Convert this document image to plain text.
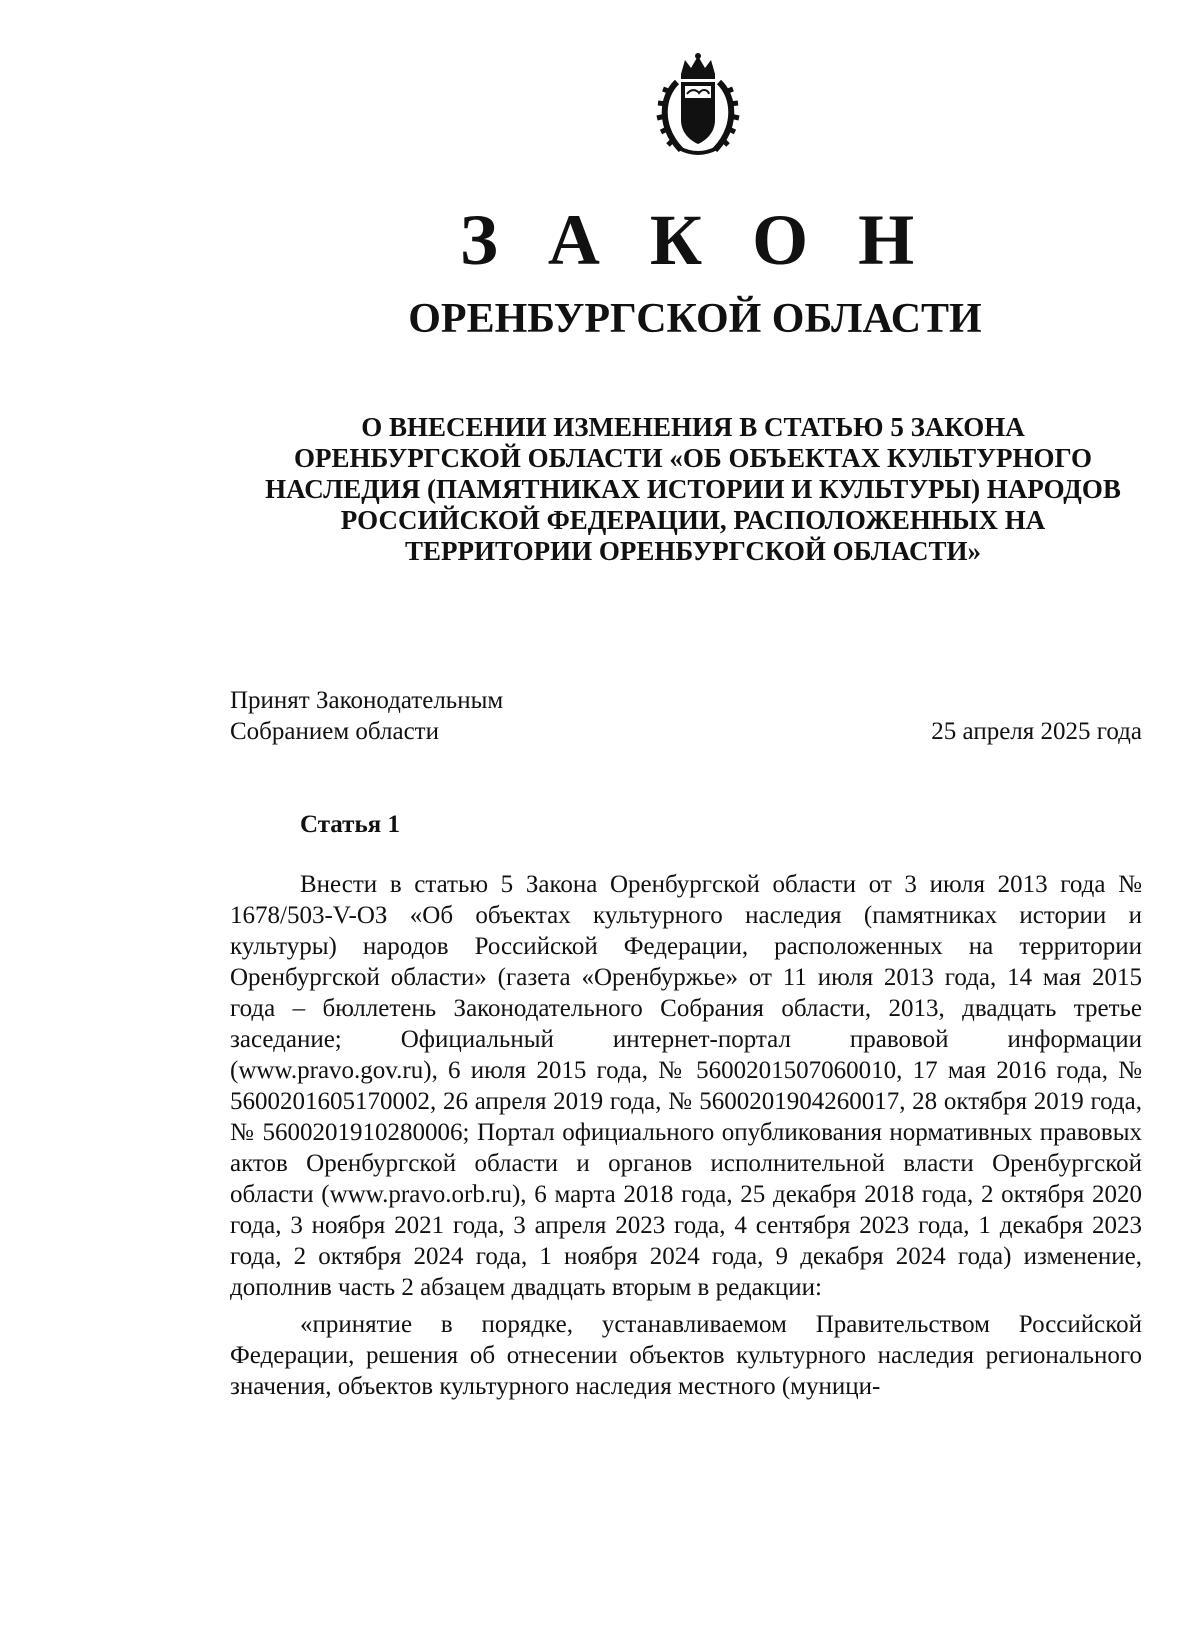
З А К О Н
ОРЕНБУРГСКОЙ ОБЛАСТИ
О ВНЕСЕНИИ ИЗМЕНЕНИЯ В СТАТЬЮ 5 ЗАКОНА
ОРЕНБУРГСКОЙ ОБЛАСТИ «ОБ ОБЪЕКТАХ КУЛЬТУРНОГО
НАСЛЕДИЯ (ПАМЯТНИКАХ ИСТОРИИ И КУЛЬТУРЫ) НАРОДОВ
РОССИЙСКОЙ ФЕДЕРАЦИИ, РАСПОЛОЖЕННЫХ НА
ТЕРРИТОРИИ ОРЕНБУРГСКОЙ ОБЛАСТИ»
Принят Законодательным
Собранием области	25 апреля 2025 года
Статья 1

Внести в статью 5 Закона Оренбургской области от 3 июля 2013 года № 1678/503-V-ОЗ «Об объектах культурного наследия (памятниках истории и культуры) народов Российской Федерации, расположенных на территории Оренбургской области» (газета «Оренбуржье» от 11 июля 2013 года, 14 мая 2015 года – бюллетень Законодательного Собрания области, 2013, двадцать третье заседание; Официальный интернет-портал правовой информации (www.pravo.gov.ru), 6 июля 2015 года, № 5600201507060010, 17 мая 2016 года, № 5600201605170002, 26 апреля 2019 года, № 5600201904260017, 28 октября 2019 года, № 5600201910280006; Портал официального опубликования нормативных правовых актов Оренбургской области и органов исполнительной власти Оренбургской области (www.pravo.orb.ru), 6 марта 2018 года, 25 декабря 2018 года, 2 октября 2020 года, 3 ноября 2021 года, 3 апреля 2023 года, 4 сентября 2023 года, 1 декабря 2023 года, 2 октября 2024 года, 1 ноября 2024 года, 9 декабря 2024 года) изменение, дополнив часть 2 абзацем двадцать вторым в редакции:

«принятие в порядке, устанавливаемом Правительством Российской Федерации, решения об отнесении объектов культурного наследия регионального значения, объектов культурного наследия местного (муници-
